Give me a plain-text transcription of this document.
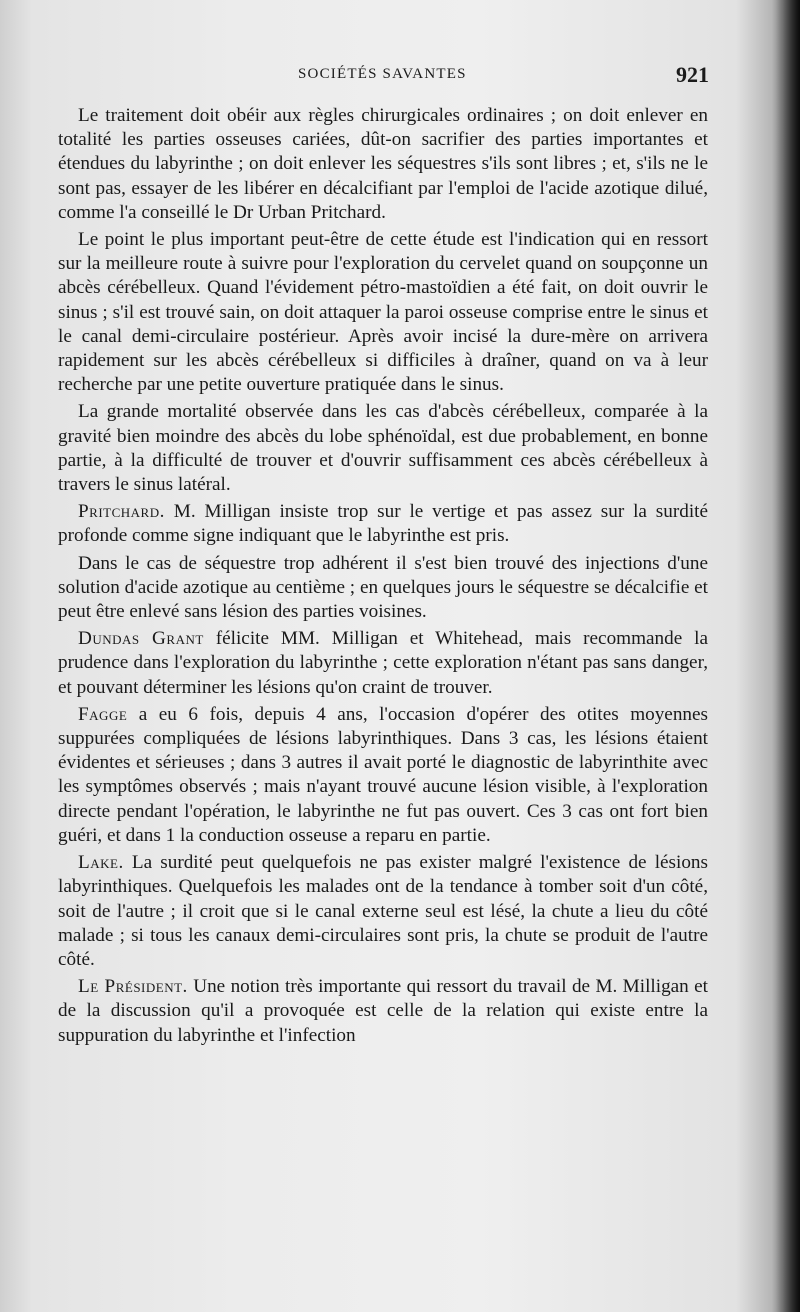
SOCIÉTÉS SAVANTES	921

Le traitement doit obéir aux règles chirurgicales ordinaires ; on doit enlever en totalité les parties osseuses cariées, dût-on sacrifier des parties importantes et étendues du labyrinthe ; on doit enlever les séquestres s'ils sont libres ; et, s'ils ne le sont pas, essayer de les libérer en décalcifiant par l'emploi de l'acide azotique dilué, comme l'a conseillé le Dr Urban Pritchard.

Le point le plus important peut-être de cette étude est l'indication qui en ressort sur la meilleure route à suivre pour l'exploration du cervelet quand on soupçonne un abcès cérébelleux. Quand l'évidement pétro-mastoïdien a été fait, on doit ouvrir le sinus ; s'il est trouvé sain, on doit attaquer la paroi osseuse comprise entre le sinus et le canal demi-circulaire postérieur. Après avoir incisé la dure-mère on arrivera rapidement sur les abcès cérébelleux si difficiles à draîner, quand on va à leur recherche par une petite ouverture pratiquée dans le sinus.

La grande mortalité observée dans les cas d'abcès cérébelleux, comparée à la gravité bien moindre des abcès du lobe sphénoïdal, est due probablement, en bonne partie, à la difficulté de trouver et d'ouvrir suffisamment ces abcès cérébelleux à travers le sinus latéral.

Pritchard. M. Milligan insiste trop sur le vertige et pas assez sur la surdité profonde comme signe indiquant que le labyrinthe est pris.

Dans le cas de séquestre trop adhérent il s'est bien trouvé des injections d'une solution d'acide azotique au centième ; en quelques jours le séquestre se décalcifie et peut être enlevé sans lésion des parties voisines.

Dundas Grant félicite MM. Milligan et Whitehead, mais recommande la prudence dans l'exploration du labyrinthe ; cette exploration n'étant pas sans danger, et pouvant déterminer les lésions qu'on craint de trouver.

Fagge a eu 6 fois, depuis 4 ans, l'occasion d'opérer des otites moyennes suppurées compliquées de lésions labyrinthiques. Dans 3 cas, les lésions étaient évidentes et sérieuses ; dans 3 autres il avait porté le diagnostic de labyrinthite avec les symptômes observés ; mais n'ayant trouvé aucune lésion visible, à l'exploration directe pendant l'opération, le labyrinthe ne fut pas ouvert. Ces 3 cas ont fort bien guéri, et dans 1 la conduction osseuse a reparu en partie.

Lake. La surdité peut quelquefois ne pas exister malgré l'existence de lésions labyrinthiques. Quelquefois les malades ont de la tendance à tomber soit d'un côté, soit de l'autre ; il croit que si le canal externe seul est lésé, la chute a lieu du côté malade ; si tous les canaux demi-circulaires sont pris, la chute se produit de l'autre côté.

Le Président. Une notion très importante qui ressort du travail de M. Milligan et de la discussion qu'il a provoquée est celle de la relation qui existe entre la suppuration du labyrinthe et l'infection
